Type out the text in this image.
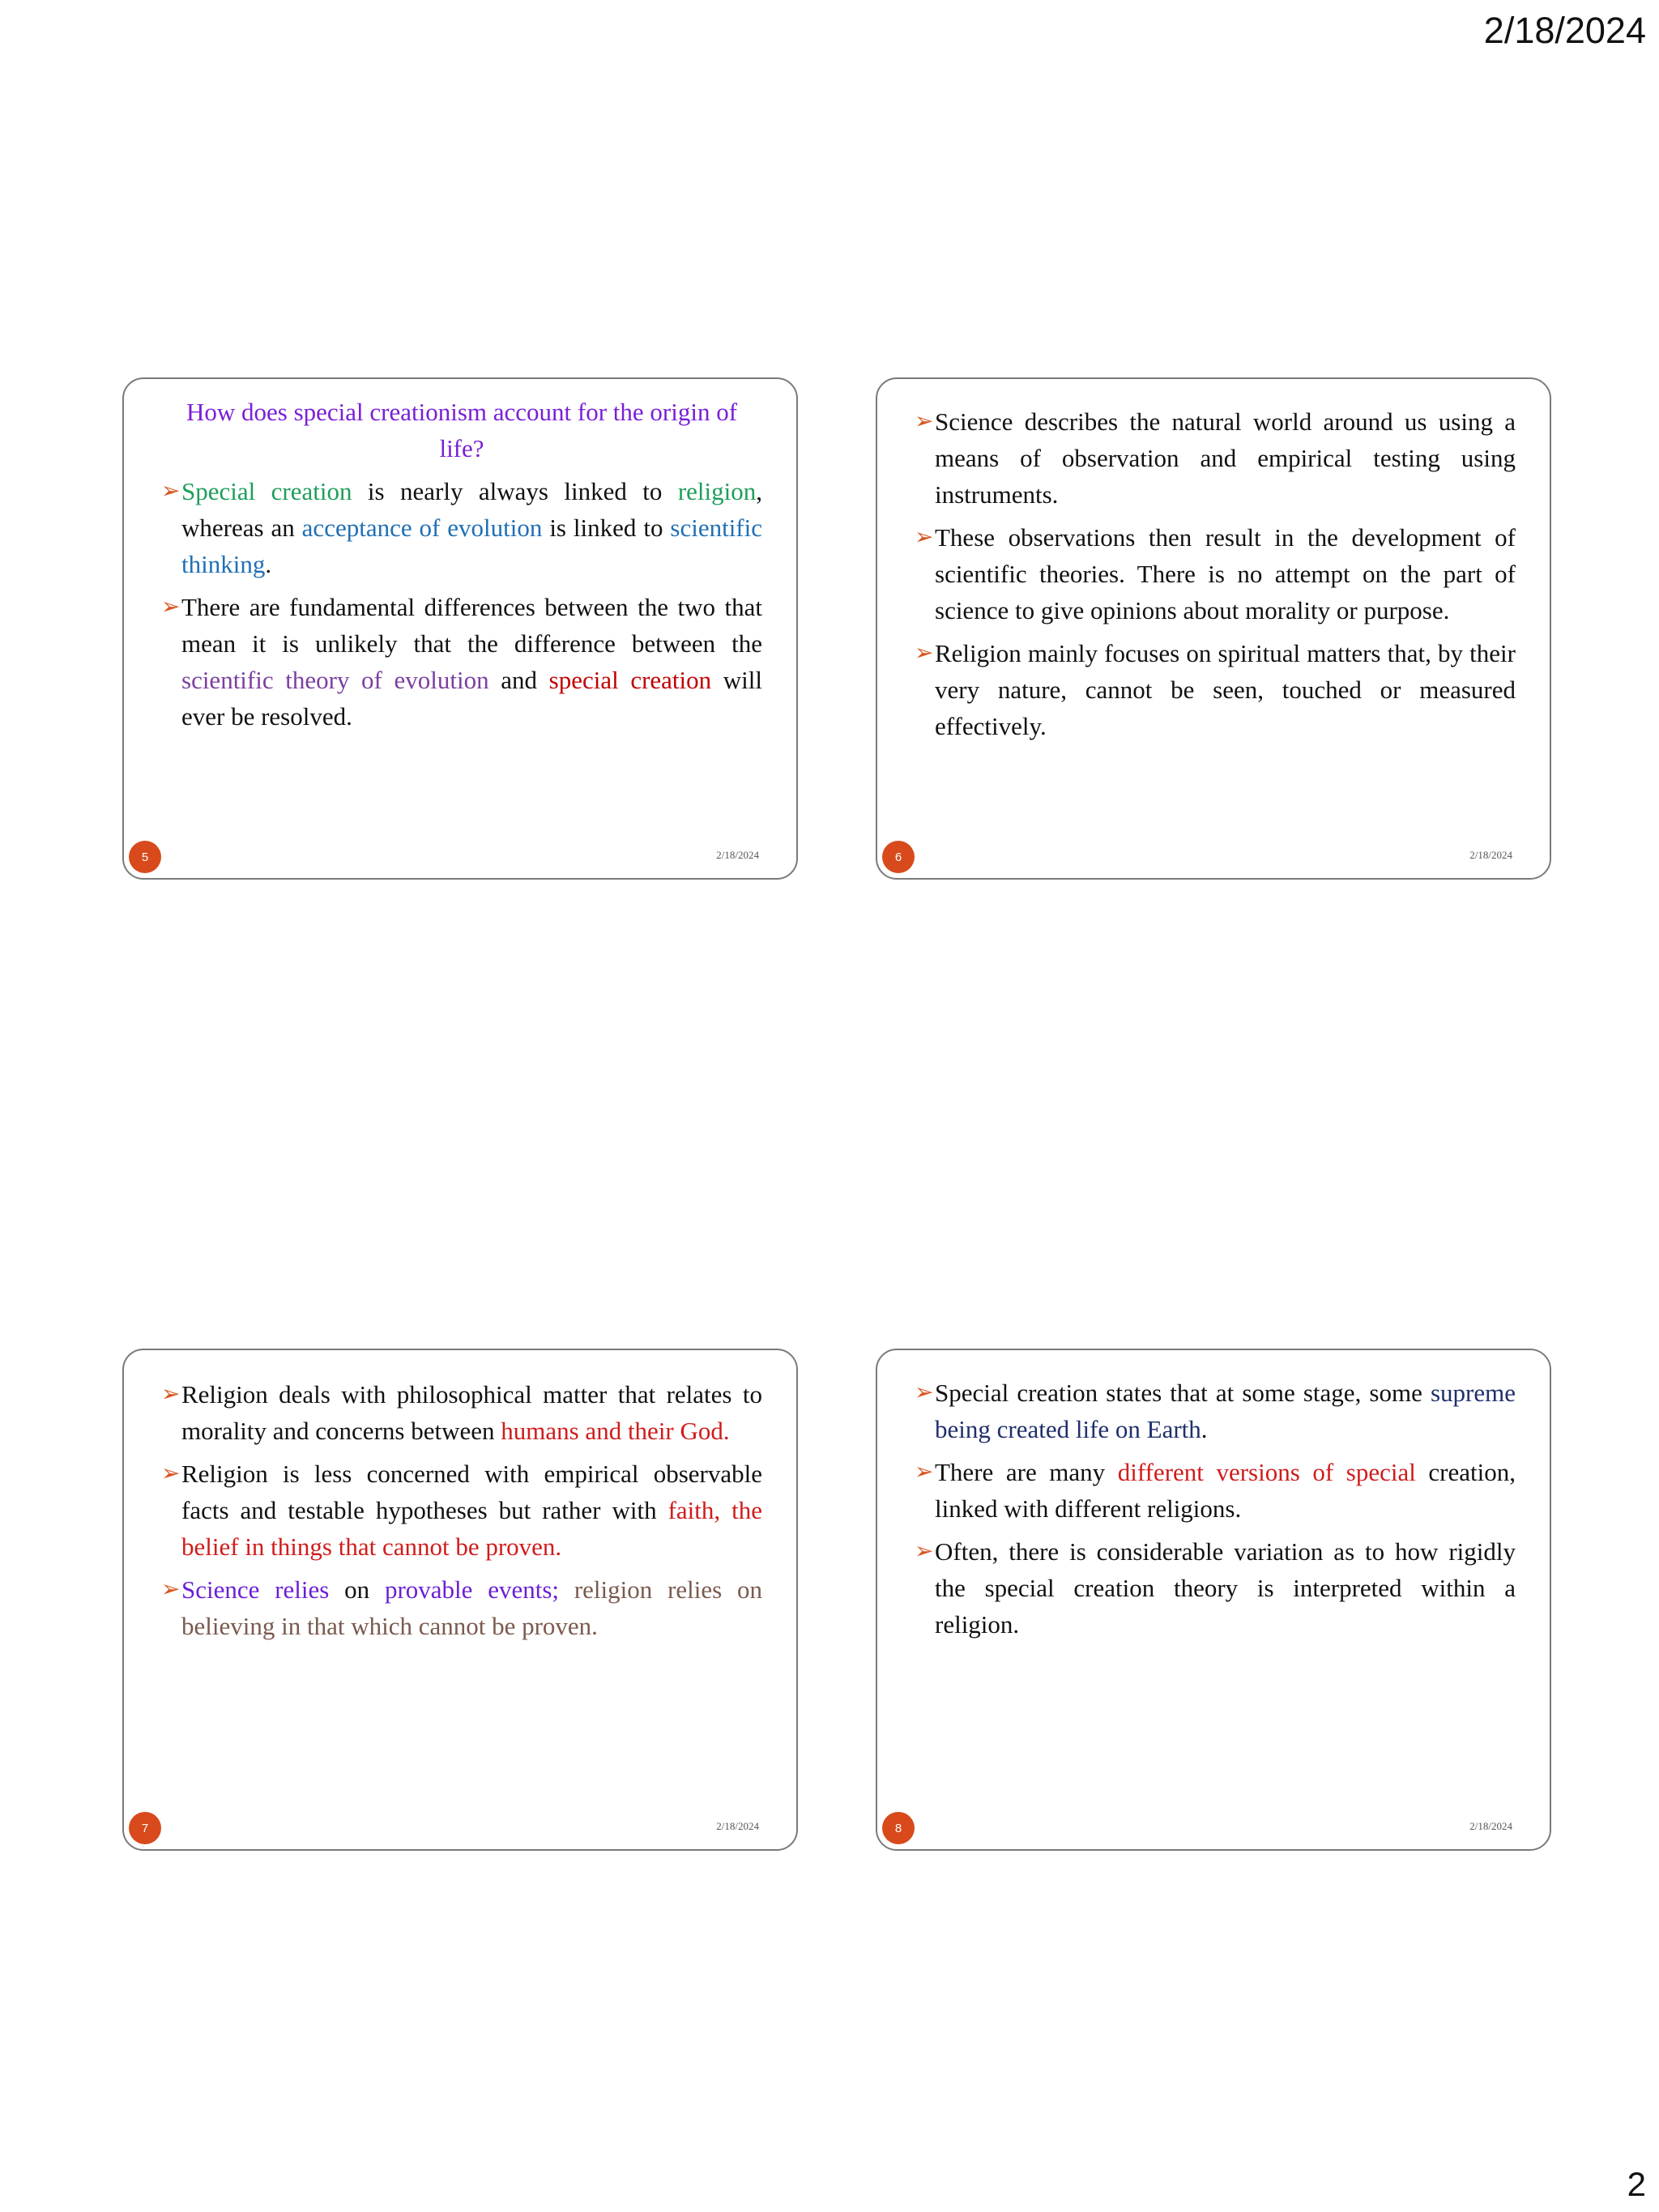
2/18/2024
How does special creationism account for the origin of life?
➢ Special creation is nearly always linked to religion, whereas an acceptance of evolution is linked to scientific thinking.
➢ There are fundamental differences between the two that mean it is unlikely that the difference between the scientific theory of evolution and special creation will ever be resolved.
5	2/18/2024
➢ Science describes the natural world around us using a means of observation and empirical testing using instruments.
➢ These observations then result in the development of scientific theories. There is no attempt on the part of science to give opinions about morality or purpose.
➢ Religion mainly focuses on spiritual matters that, by their very nature, cannot be seen, touched or measured effectively.
6	2/18/2024
➢ Religion deals with philosophical matter that relates to morality and concerns between humans and their God.
➢ Religion is less concerned with empirical observable facts and testable hypotheses but rather with faith, the belief in things that cannot be proven.
➢ Science relies on provable events; religion relies on believing in that which cannot be proven.
7	2/18/2024
➢ Special creation states that at some stage, some supreme being created life on Earth.
➢ There are many different versions of special creation, linked with different religions.
➢ Often, there is considerable variation as to how rigidly the special creation theory is interpreted within a religion.
8	2/18/2024
2
